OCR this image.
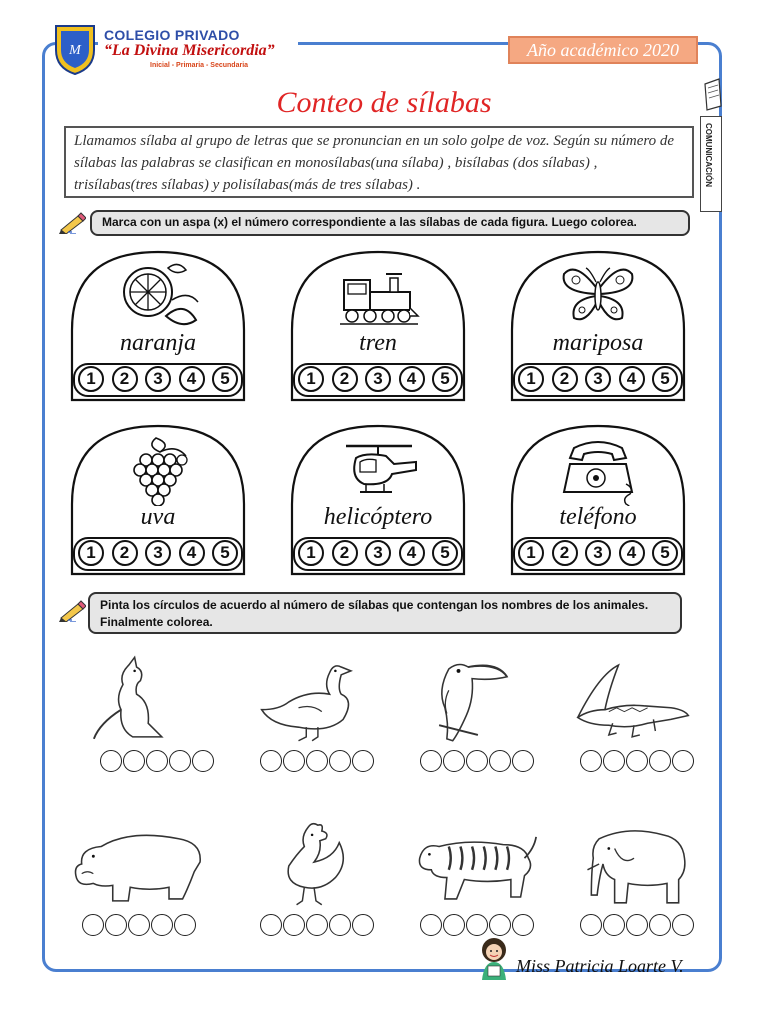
M
COLEGIO PRIVADO
“La Divina Misericordia”
Inicial - Primaria - Secundaria
Año académico 2020
Conteo de sílabas
Llamamos sílaba al grupo de letras que se pronuncian en un solo golpe de voz. Según su número de sílabas las palabras se clasifican en monosílabas(una sílaba) , bisílabas (dos sílabas) , trisílabas(tres sílabas) y polisílabas(más de tres sílabas) .	COMUNICACIÓN
Marca con un aspa (x) el número correspondiente a las sílabas de cada figura. Luego colorea.
naranja
1	2	3	4	5
tren
1	2	3	4	5
mariposa
1	2	3	4	5
uva
1	2	3	4	5
helicóptero
1	2	3	4	5
teléfono
1	2	3	4	5
Pinta los círculos de acuerdo al número de sílabas que contengan los nombres de los animales. Finalmente colorea.
Miss Patricia Loarte V.
